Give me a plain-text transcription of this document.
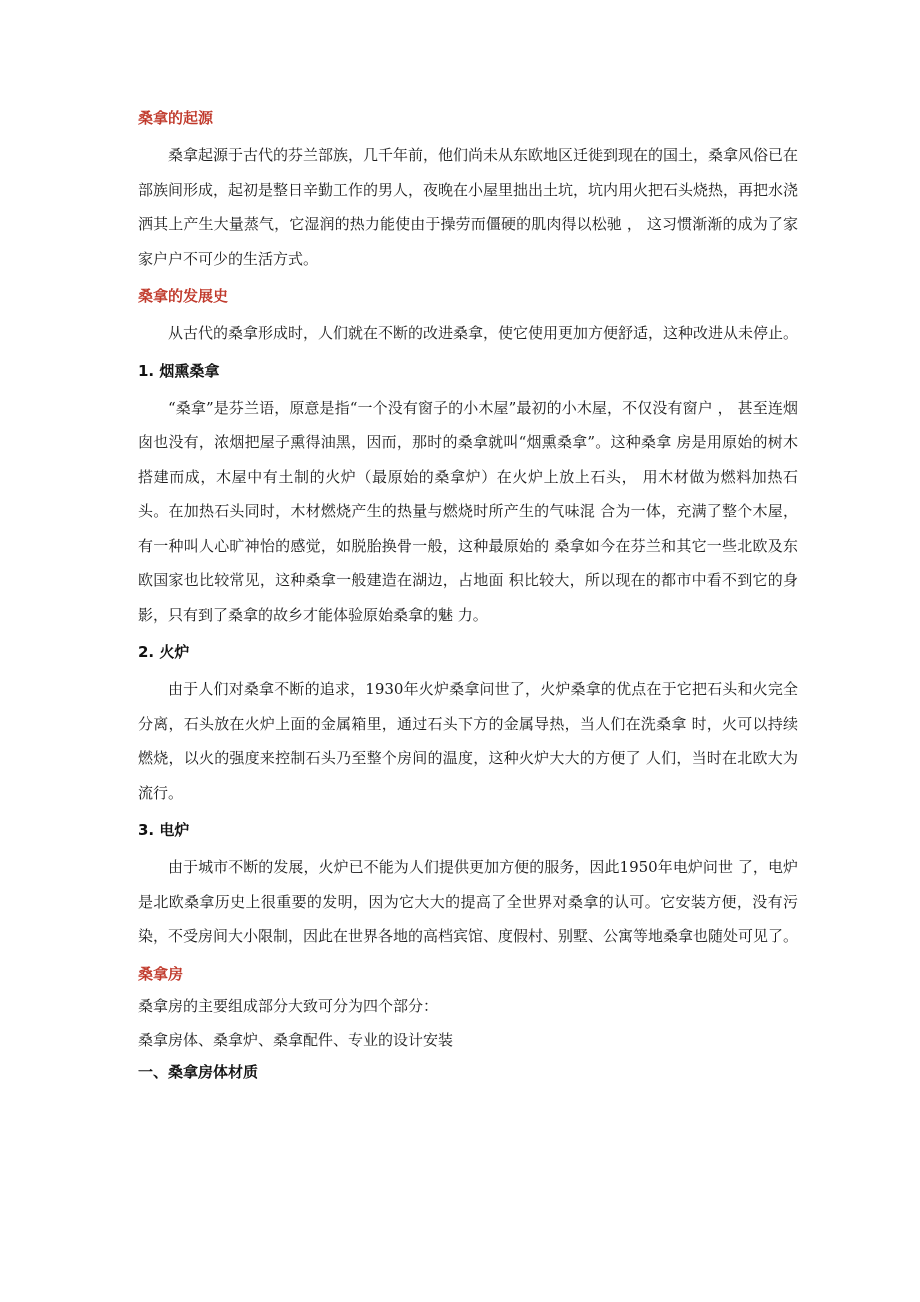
桑拿的起源

桑拿起源于古代的芬兰部族，几千年前，他们尚未从东欧地区迁徙到现在的国土，桑拿风俗已在部族间形成，起初是整日辛勤工作的男人，夜晚在小屋里拙出土坑，坑内用火把石头烧热，再把水浇洒其上产生大量蒸气，它湿润的热力能使由于操劳而僵硬的肌肉得以松驰 ， 这习惯渐渐的成为了家家户户不可少的生活方式。

桑拿的发展史

从古代的桑拿形成时，人们就在不断的改进桑拿，使它使用更加方便舒适，这种改进从未停止。

1. 烟熏桑拿

“桑拿”是芬兰语，原意是指“一个没有窗子的小木屋”最初的小木屋，不仅没有窗户 ， 甚至连烟囱也没有，浓烟把屋子熏得油黑，因而，那时的桑拿就叫“烟熏桑拿”。这种桑拿 房是用原始的树木搭建而成，木屋中有土制的火炉（最原始的桑拿炉）在火炉上放上石头， 用木材做为燃料加热石头。在加热石头同时，木材燃烧产生的热量与燃烧时所产生的气味混 合为一体，充满了整个木屋，有一种叫人心旷神怡的感觉，如脱胎换骨一般，这种最原始的 桑拿如今在芬兰和其它一些北欧及东欧国家也比较常见，这种桑拿一般建造在湖边，占地面 积比较大，所以现在的都市中看不到它的身影，只有到了桑拿的故乡才能体验原始桑拿的魅 力。

2. 火炉

由于人们对桑拿不断的追求，1930年火炉桑拿问世了，火炉桑拿的优点在于它把石头和火完全分离，石头放在火炉上面的金属箱里，通过石头下方的金属导热，当人们在洗桑拿 时，火可以持续燃烧，以火的强度来控制石头乃至整个房间的温度，这种火炉大大的方便了 人们，当时在北欧大为流行。

3. 电炉

由于城市不断的发展，火炉已不能为人们提供更加方便的服务，因此1950年电炉问世 了，电炉是北欧桑拿历史上很重要的发明，因为它大大的提高了全世界对桑拿的认可。它安装方便，没有污染，不受房间大小限制，因此在世界各地的高档宾馆、度假村、别墅、公寓等地桑拿也随处可见了。

桑拿房

桑拿房的主要组成部分大致可分为四个部分：

桑拿房体、桑拿炉、桑拿配件、专业的设计安装

一、桑拿房体材质
